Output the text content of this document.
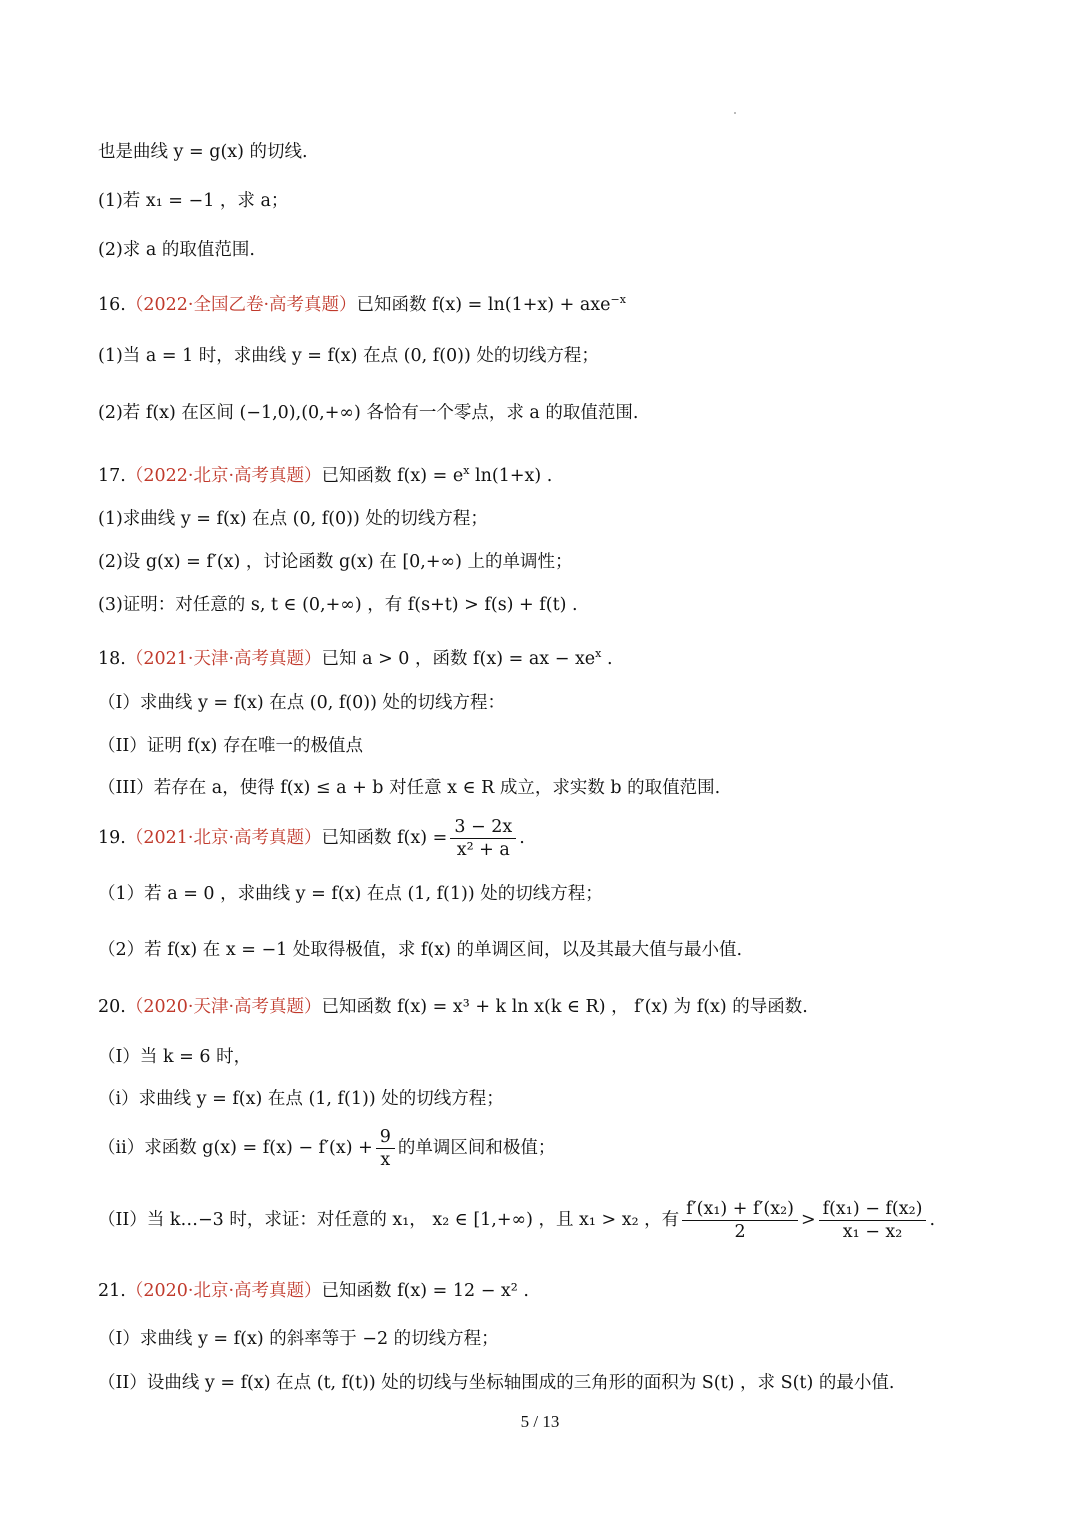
也是曲线 y = g(x) 的切线.
(1)若 x₁ = −1 ，求 a；
(2)求 a 的取值范围.
16.（2022·全国乙卷·高考真题）已知函数 f(x) = ln(1+x) + axe$^{-x}$
(1)当 a = 1 时，求曲线 y = f(x) 在点 (0, f(0)) 处的切线方程；
(2)若 f(x) 在区间 (−1,0),(0,+∞) 各恰有一个零点，求 a 的取值范围.
17.（2022·北京·高考真题）已知函数 $f(x) = e^x$ ln(1+x) .
(1)求曲线 y = f(x) 在点 (0, f(0)) 处的切线方程；
(2)设 g(x) = f′(x) ，讨论函数 g(x) 在 [0,+∞) 上的单调性；
(3)证明：对任意的 s, t ∈ (0,+∞) ，有 f(s+t) > f(s) + f(t) .
18.（2021·天津·高考真题）已知 a > 0 ，函数 f(x) = ax − $xe^x$ .
（I）求曲线 y = f(x) 在点 (0, f(0)) 处的切线方程：
（II）证明 f(x) 存在唯一的极值点
（III）若存在 a，使得 f(x) ≤ a + b 对任意 x ∈ R 成立，求实数 b 的取值范围.
19.（2021·北京·高考真题）已知函数 $f(x) = \frac{3 - 2x}{\text{x² + a}}$ .
（1）若 a = 0 ，求曲线 y = f(x) 在点 (1, f(1)) 处的切线方程；
（2）若 f(x) 在 x = −1 处取得极值，求 f(x) 的单调区间，以及其最大值与最小值.
20.（2020·天津·高考真题）已知函数 f(x) = x³ + k ln x(k ∈ R) ， f′(x) 为 f(x) 的导函数.
（I）当 k = 6 时，
（i）求曲线 y = f(x) 在点 (1, f(1)) 处的切线方程；
（ii）求函数 $g(x) = f(x) - f'(x) + \frac{9}{x}$ 的单调区间和极值；
（II）当 k…−3 时，求证：对任意的 x₁， x₂ ∈ [1,+∞) ，且 x₁ > x₂ ，有 $\frac{\text{f′(x₁) + f′(x₂)}}{2} > \frac{\text{f(x₁) − f(x₂)}}{\text{x₁ − x₂}}$ .
21.（2020·北京·高考真题）已知函数 f(x) = 12 − x² .
（I）求曲线 y = f(x) 的斜率等于 −2 的切线方程；
（II）设曲线 y = f(x) 在点 (t, f(t)) 处的切线与坐标轴围成的三角形的面积为 S(t) ，求 S(t) 的最小值.
5 / 13
